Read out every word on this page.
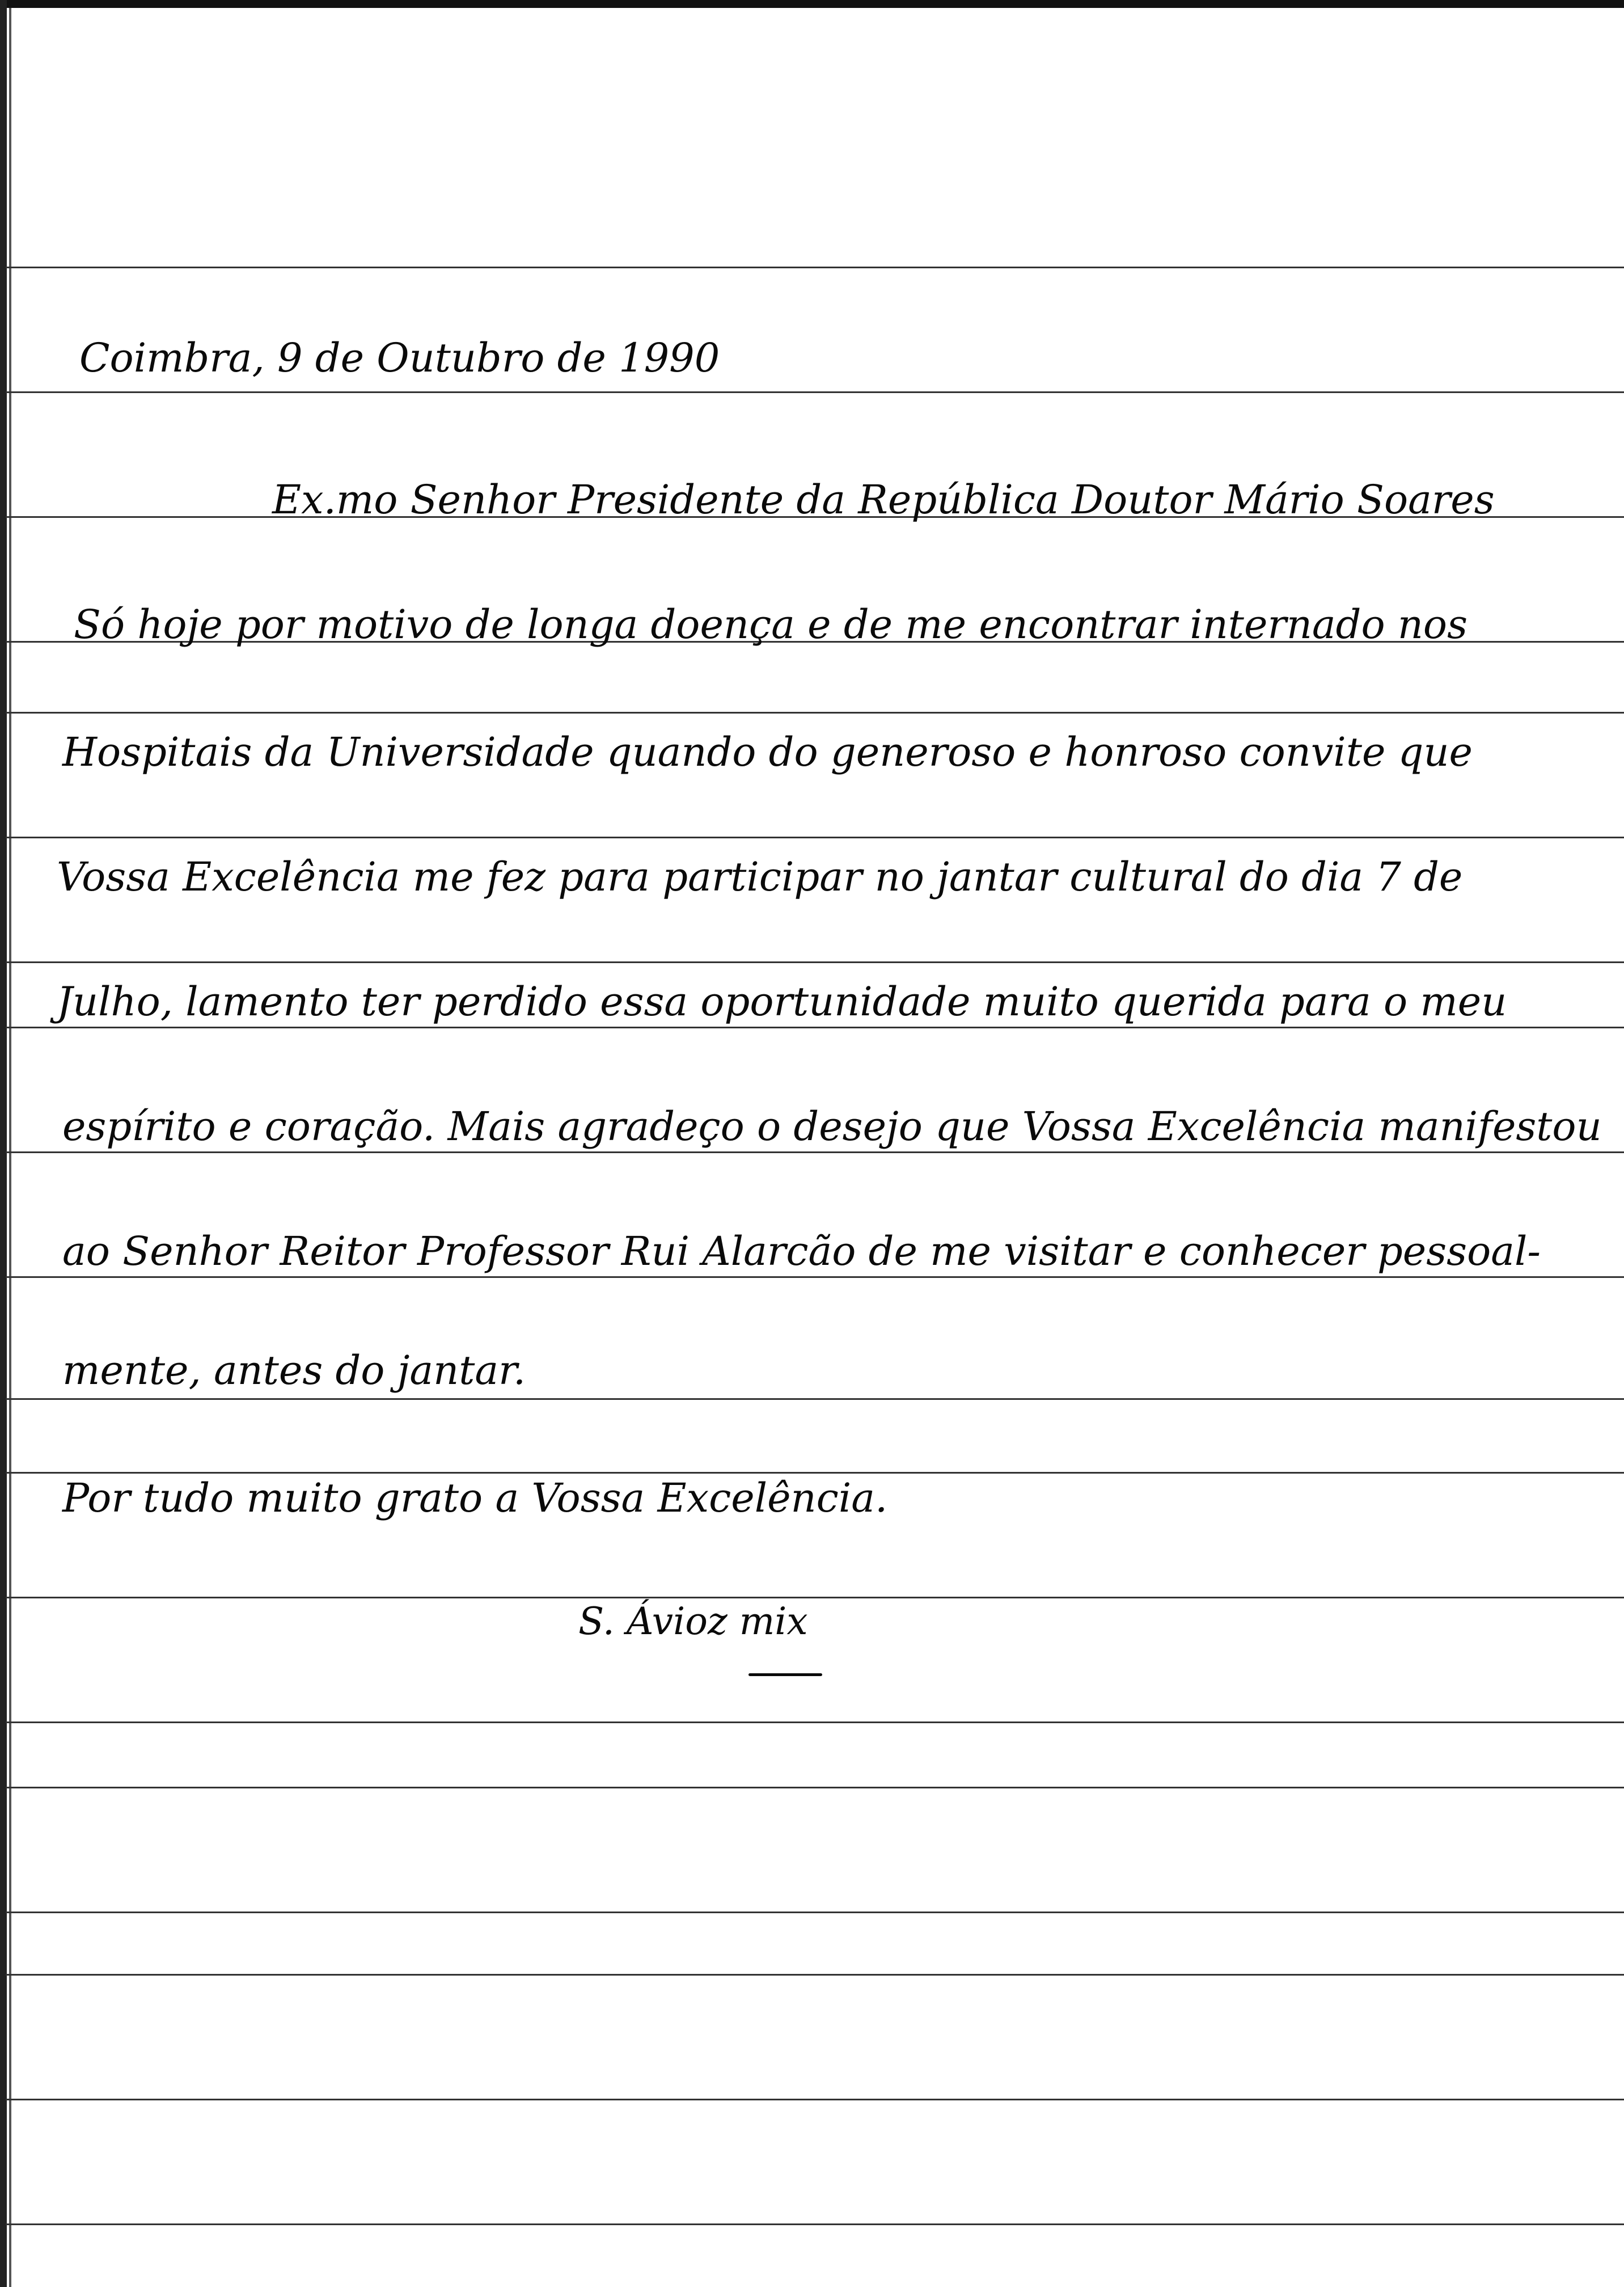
Coimbra, 9 de Outubro de 1990
Ex.mo Senhor Presidente da República Doutor Mário Soares
Só hoje por motivo de longa doença e de me encontrar internado nos
Hospitais da Universidade quando do generoso e honroso convite que
Vossa Excelência me fez para participar no jantar cultural do dia 7 de
Julho, lamento ter perdido essa oportunidade muito querida para o meu
espírito e coração. Mais agradeço o desejo que Vossa Excelência manifestou
ao Senhor Reitor Professor Rui Alarcão de me visitar e conhecer pessoal-
mente, antes do jantar.
Por tudo muito grato a Vossa Excelência.
S. Ávioz mix
